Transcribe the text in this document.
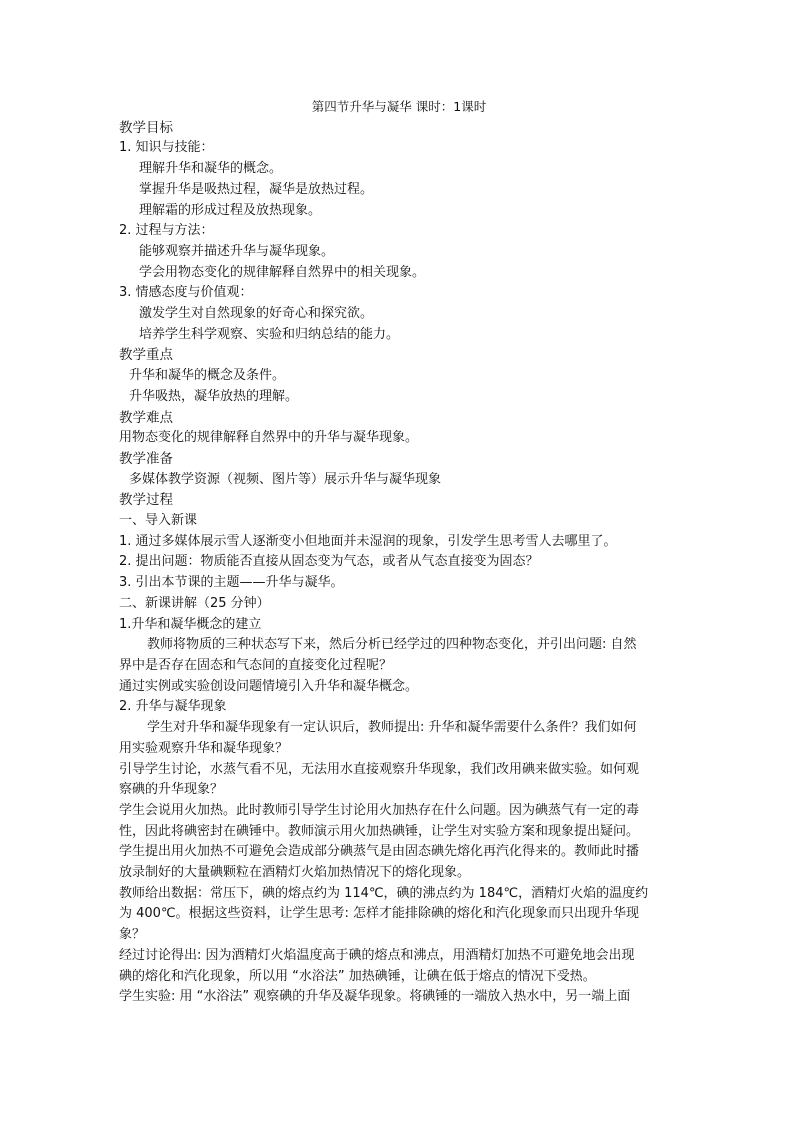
第四节升华与凝华 课时：1课时
教学目标
1. 知识与技能：
理解升华和凝华的概念。
掌握升华是吸热过程，凝华是放热过程。
理解霜的形成过程及放热现象。
2. 过程与方法：
能够观察并描述升华与凝华现象。
学会用物态变化的规律解释自然界中的相关现象。
3. 情感态度与价值观：
激发学生对自然现象的好奇心和探究欲。
培养学生科学观察、实验和归纳总结的能力。
教学重点
升华和凝华的概念及条件。
升华吸热，凝华放热的理解。
教学难点
用物态变化的规律解释自然界中的升华与凝华现象。
教学准备
多媒体教学资源（视频、图片等）展示升华与凝华现象
教学过程
一、导入新课
1. 通过多媒体展示雪人逐渐变小但地面并未湿润的现象，引发学生思考雪人去哪里了。
2. 提出问题：物质能否直接从固态变为气态，或者从气态直接变为固态？
3. 引出本节课的主题——升华与凝华。
二、新课讲解（25 分钟）
1.升华和凝华概念的建立
教师将物质的三种状态写下来，然后分析已经学过的四种物态变化，并引出问题: 自然
界中是否存在固态和气态间的直接变化过程呢？
通过实例或实验创设问题情境引入升华和凝华概念。
2. 升华与凝华现象
学生对升华和凝华现象有一定认识后，教师提出: 升华和凝华需要什么条件？我们如何
用实验观察升华和凝华现象？
引导学生讨论，水蒸气看不见，无法用水直接观察升华现象，我们改用碘来做实验。如何观
察碘的升华现象？
学生会说用火加热。此时教师引导学生讨论用火加热存在什么问题。因为碘蒸气有一定的毒
性，因此将碘密封在碘锤中。教师演示用火加热碘锤，让学生对实验方案和现象提出疑问。
学生提出用火加热不可避免会造成部分碘蒸气是由固态碘先熔化再汽化得来的。教师此时播
放录制好的大量碘颗粒在酒精灯火焰加热情况下的熔化现象。
教师给出数据：常压下，碘的熔点约为 114℃，碘的沸点约为 184℃，酒精灯火焰的温度约
为 400℃。根据这些资料，让学生思考: 怎样才能排除碘的熔化和汽化现象而只出现升华现
象？
经过讨论得出: 因为酒精灯火焰温度高于碘的熔点和沸点，用酒精灯加热不可避免地会出现
碘的熔化和汽化现象，所以用 “水浴法” 加热碘锤，让碘在低于熔点的情况下受热。
学生实验: 用 “水浴法” 观察碘的升华及凝华现象。将碘锤的一端放入热水中，另一端上面
